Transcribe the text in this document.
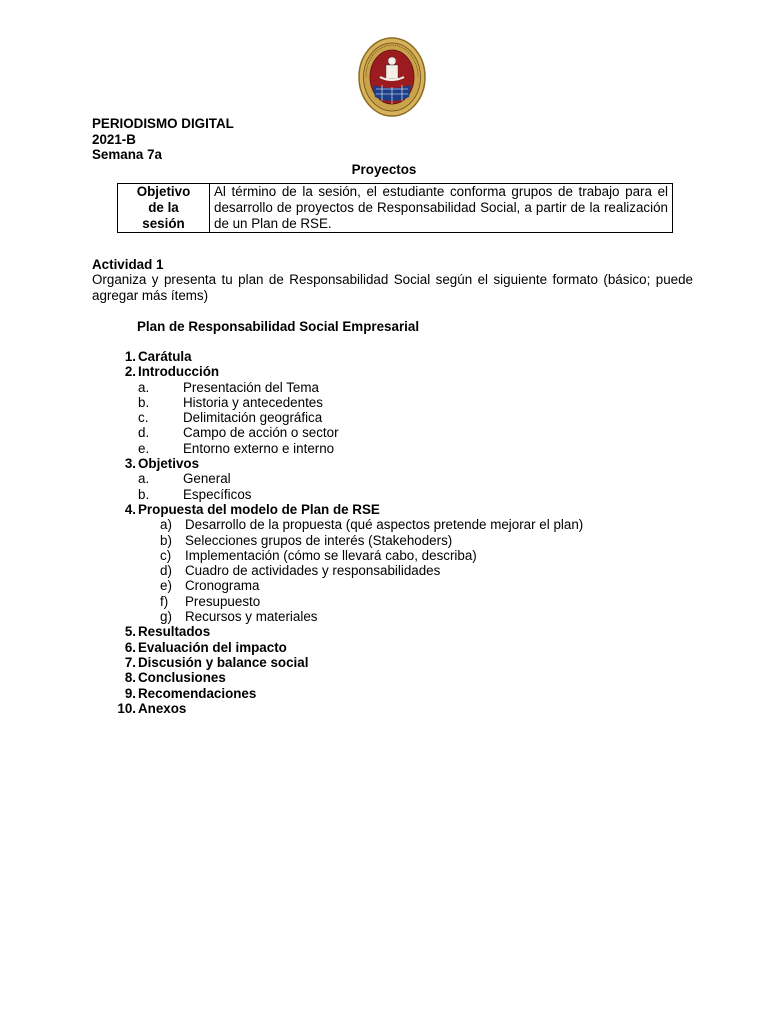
PERIODISMO DIGITAL
2021-B
Semana 7a
Proyectos
Objetivo
de la
sesión
	Al término de la sesión, el estudiante conforma grupos de trabajo para el desarrollo de proyectos de Responsabilidad Social, a partir de la realización de un Plan de RSE.
Actividad 1
Organiza y presenta tu plan de Responsabilidad Social según el siguiente formato (básico; puede agregar más ítems)
Plan de Responsabilidad Social Empresarial
1. Carátula
2. Introducción
a.	Presentación del Tema
b.	Historia y antecedentes
c.	Delimitación geográfica
d.	Campo de acción o sector
e.	Entorno externo e interno
3. Objetivos
a.	General
b.	Específicos
4. Propuesta del modelo de Plan de RSE
a) Desarrollo de la propuesta (qué aspectos pretende mejorar el plan)
b) Selecciones grupos de interés (Stakehoders)
c) Implementación (cómo se llevará cabo, describa)
d) Cuadro de actividades y responsabilidades
e) Cronograma
f) Presupuesto
g) Recursos y materiales
5. Resultados
6. Evaluación del impacto
7. Discusión y balance social
8. Conclusiones
9. Recomendaciones
10. Anexos
